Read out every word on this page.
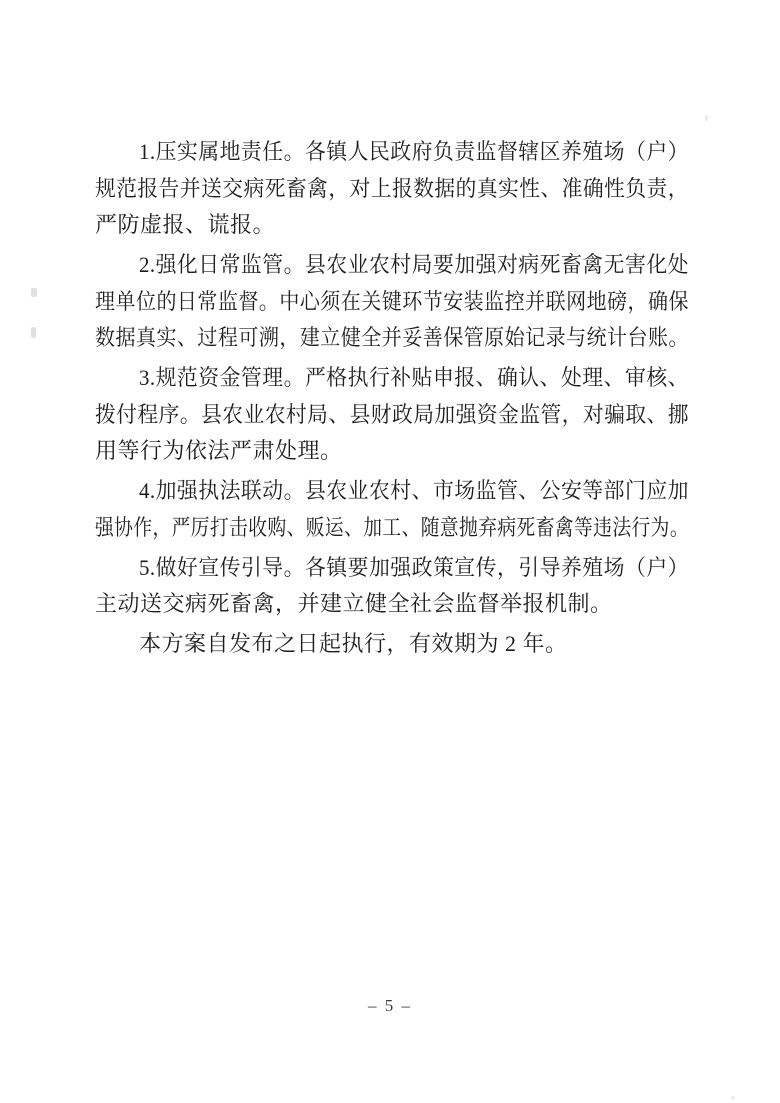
1.压实属地责任。各镇人民政府负责监督辖区养殖场（户）
规范报告并送交病死畜禽，对上报数据的真实性、准确性负责，
严防虚报、谎报。
2.强化日常监管。县农业农村局要加强对病死畜禽无害化处
理单位的日常监督。中心须在关键环节安装监控并联网地磅，确保
数据真实、过程可溯，建立健全并妥善保管原始记录与统计台账。
3.规范资金管理。严格执行补贴申报、确认、处理、审核、
拨付程序。县农业农村局、县财政局加强资金监管，对骗取、挪
用等行为依法严肃处理。
4.加强执法联动。县农业农村、市场监管、公安等部门应加
强协作，严厉打击收购、贩运、加工、随意抛弃病死畜禽等违法行为。
5.做好宣传引导。各镇要加强政策宣传，引导养殖场（户）
主动送交病死畜禽，并建立健全社会监督举报机制。
本方案自发布之日起执行，有效期为 2 年。
– 5 –
